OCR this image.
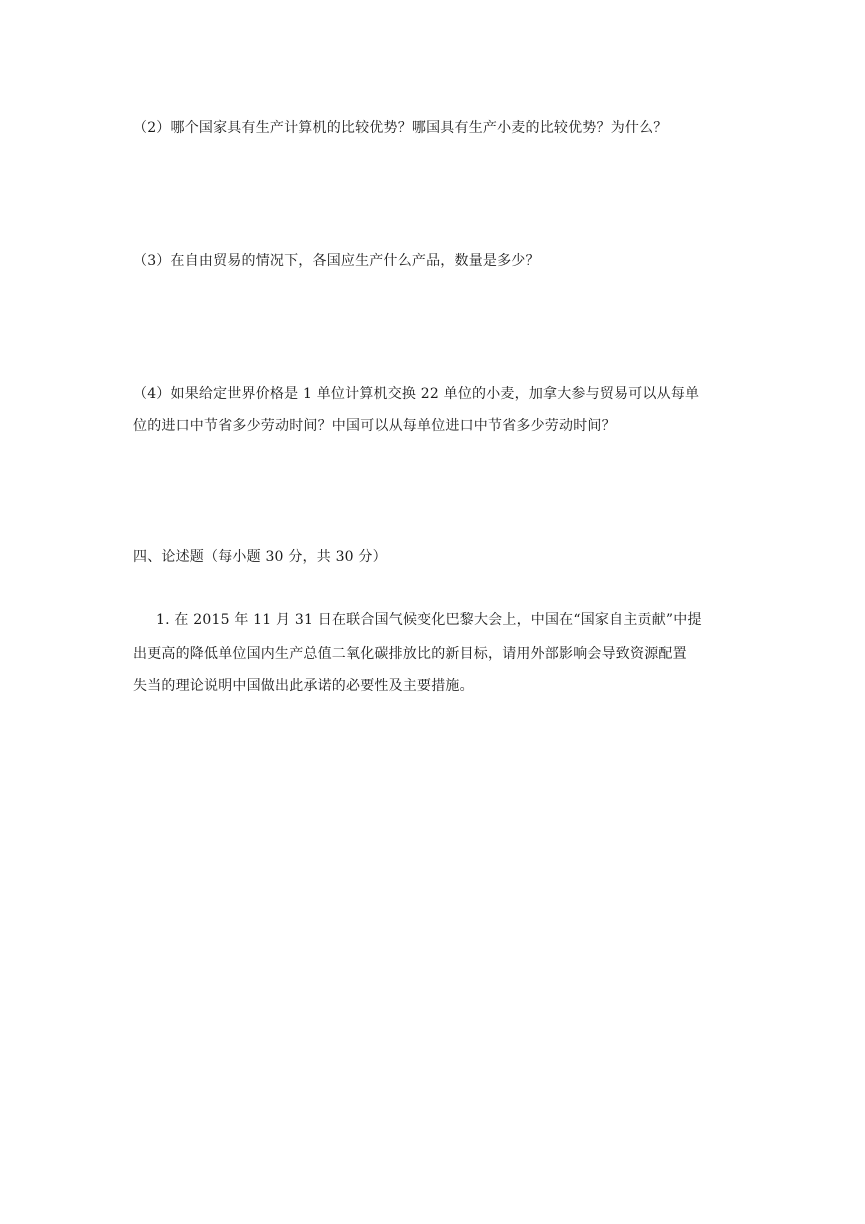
（2）哪个国家具有生产计算机的比较优势？哪国具有生产小麦的比较优势？为什么？
（3）在自由贸易的情况下，各国应生产什么产品，数量是多少？
（4）如果给定世界价格是 1 单位计算机交换 22 单位的小麦，加拿大参与贸易可以从每单
位的进口中节省多少劳动时间？中国可以从每单位进口中节省多少劳动时间？
四、论述题（每小题 30 分，共 30 分）
1. 在 2015 年 11 月 31 日在联合国气候变化巴黎大会上，中国在“国家自主贡献”中提
出更高的降低单位国内生产总值二氧化碳排放比的新目标，请用外部影响会导致资源配置
失当的理论说明中国做出此承诺的必要性及主要措施。
